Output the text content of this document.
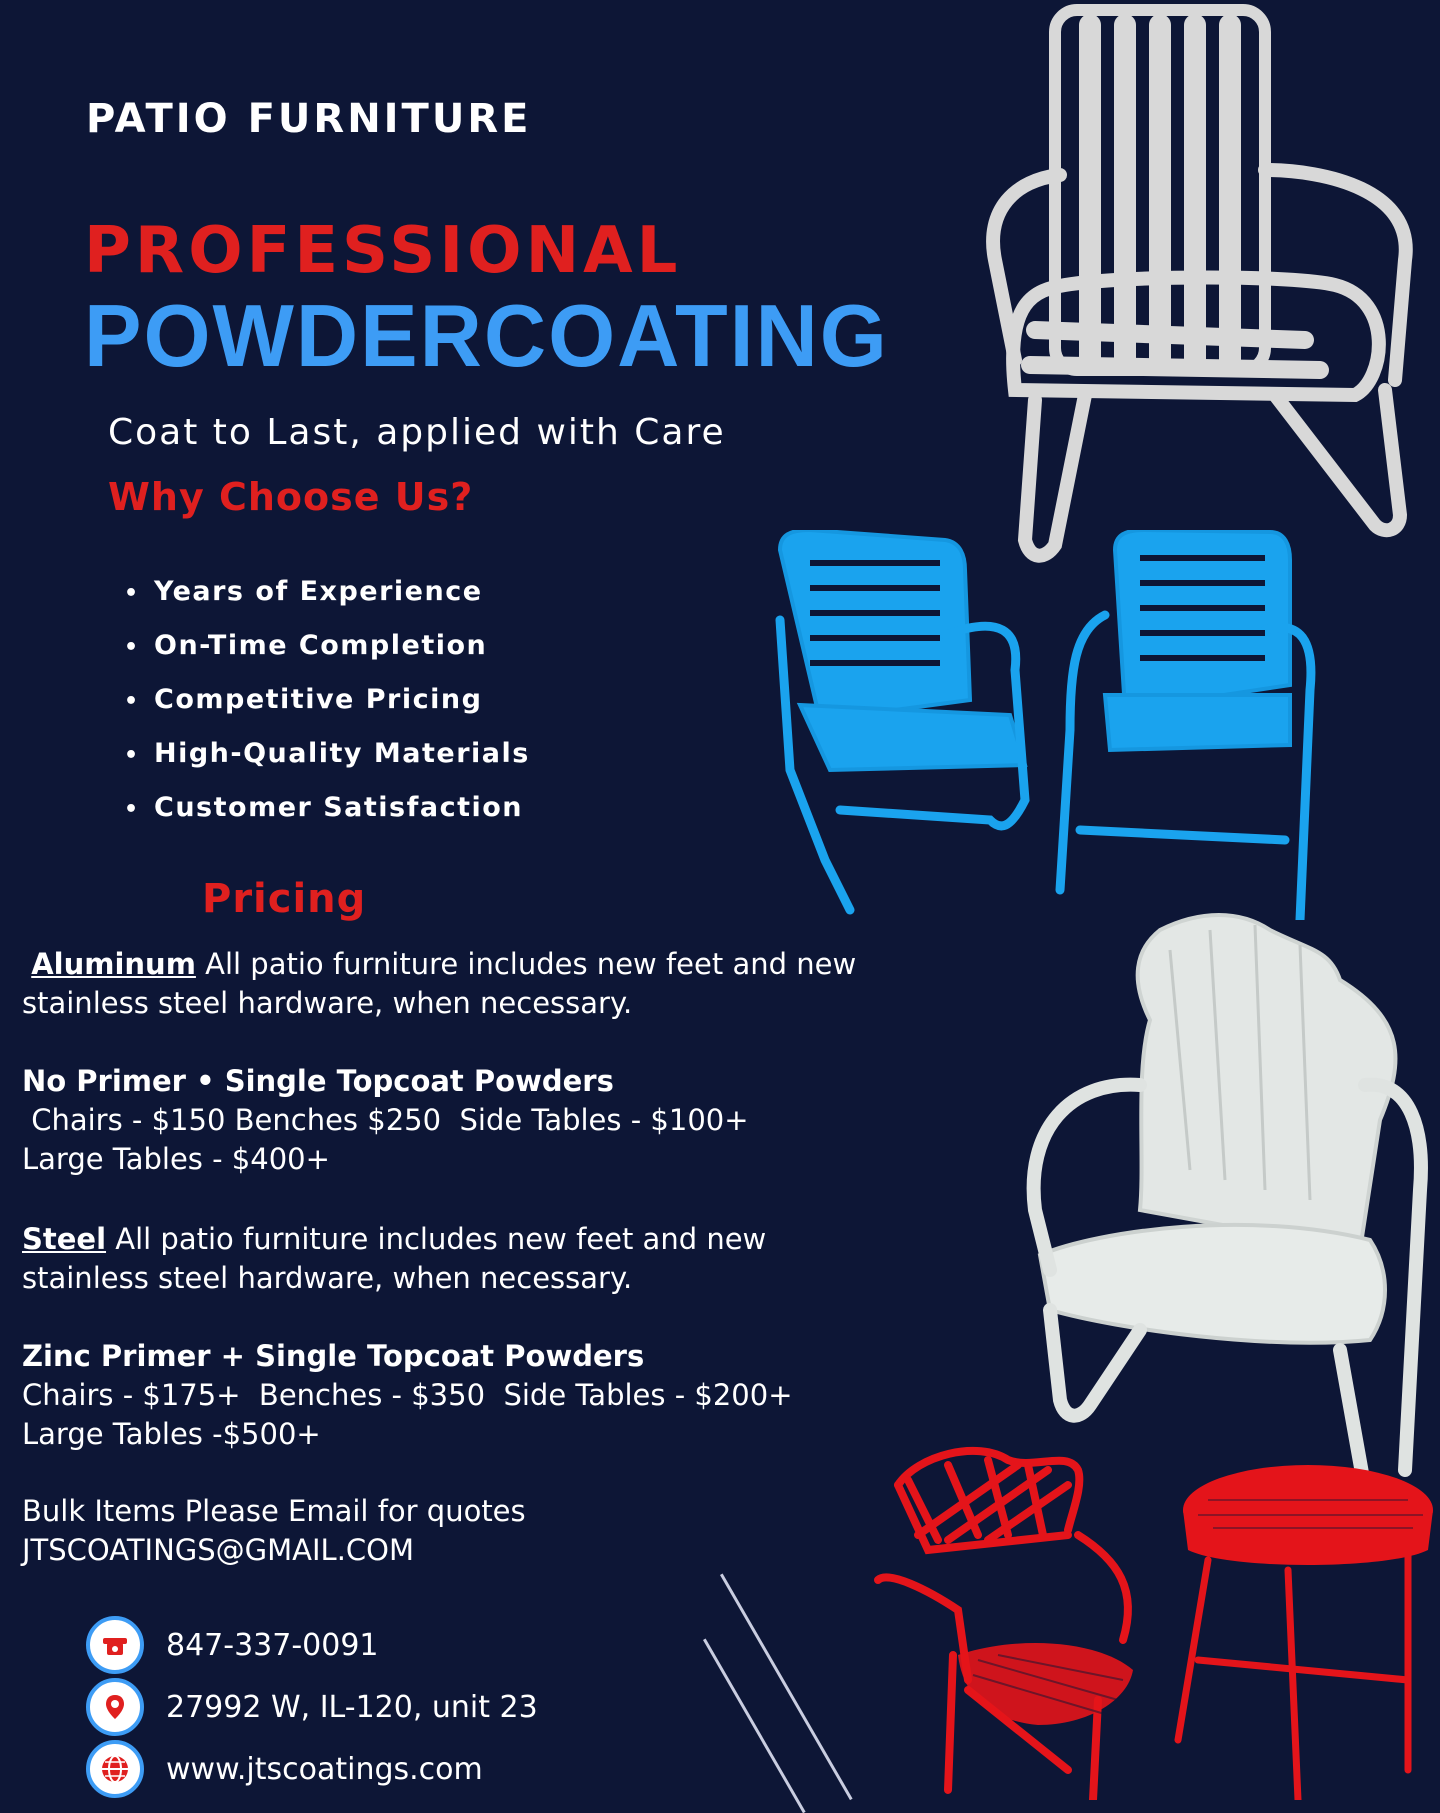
PATIO FURNITURE
PROFESSIONAL
POWDERCOATING
Coat to Last, applied with Care
Why Choose Us?
• Years of Experience
• On-Time Completion
• Competitive Pricing
• High-Quality Materials
• Customer Satisfaction
Pricing
Aluminum All patio furniture includes new feet and new stainless steel hardware, when necessary.
No Primer • Single Topcoat Powders
Chairs - $150 Benches $250  Side Tables - $100+
Large Tables - $400+
Steel All patio furniture includes new feet and new stainless steel hardware, when necessary.
Zinc Primer + Single Topcoat Powders
Chairs - $175+  Benches - $350  Side Tables - $200+
Large Tables -$500+
Bulk Items Please Email for quotes
JTSCOATINGS@GMAIL.COM
847-337-0091
27992 W, IL-120, unit 23
www.jtscoatings.com
